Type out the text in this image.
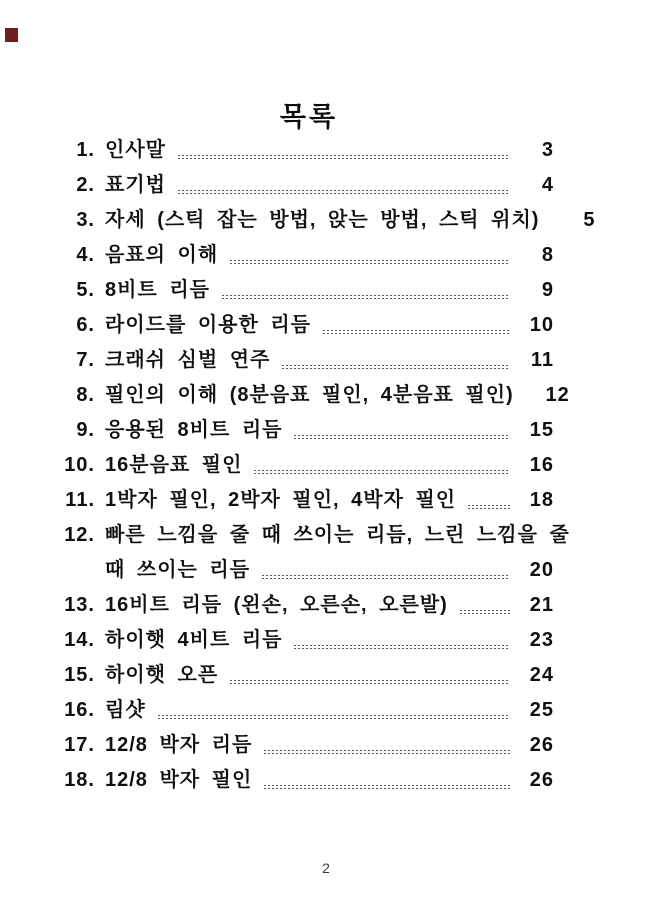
목록
1. 인사말	3
2. 표기법	4
3. 자세 (스틱 잡는 방법, 앉는 방법, 스틱 위치)	5
4. 음표의 이해	8
5. 8비트 리듬	9
6. 라이드를 이용한 리듬	10
7. 크래쉬 심벌 연주	11
8. 필인의 이해 (8분음표 필인, 4분음표 필인)	12
9. 응용된 8비트 리듬	15
10. 16분음표 필인	16
11. 1박자 필인, 2박자 필인, 4박자 필인	18
12. 빠른 느낌을 줄 때 쓰이는 리듬, 느린 느낌을 줄
때 쓰이는 리듬	20
13. 16비트 리듬 (왼손, 오른손, 오른발)	21
14. 하이햇 4비트 리듬	23
15. 하이햇 오픈	24
16. 림샷	25
17. 12/8 박자 리듬	26
18. 12/8 박자 필인	26
2
